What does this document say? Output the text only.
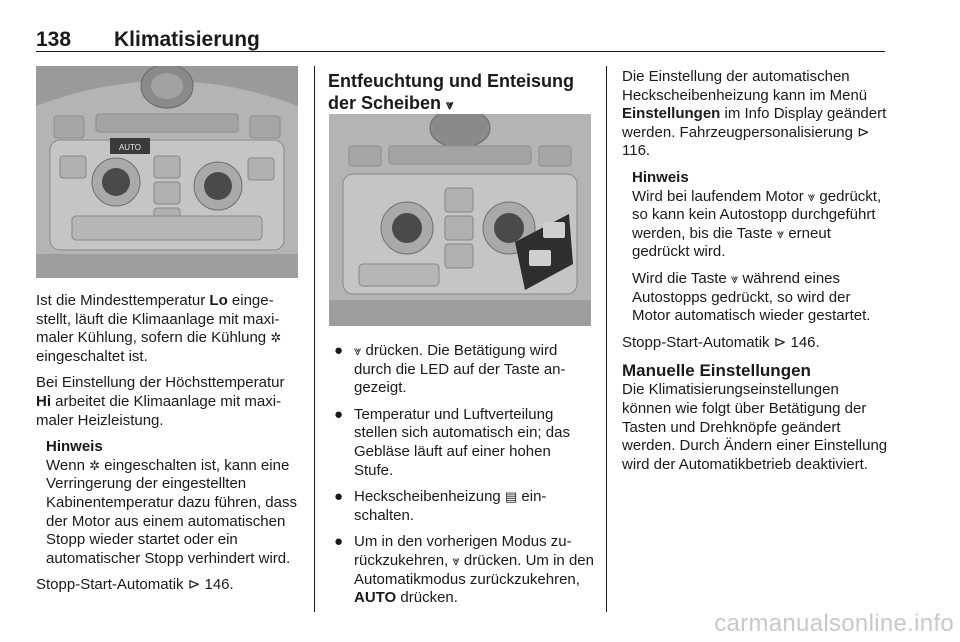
138 Klimatisierung
AUTO

Ist die Mindesttemperatur Lo eingestellt, läuft die Klimaanlage mit maximaler Kühlung, sofern die Kühlung ✲ eingeschaltet ist.

Bei Einstellung der Höchsttemperatur Hi arbeitet die Klimaanlage mit maximaler Heizleistung.

Hinweis

Wenn ✲ eingeschalten ist, kann eine Verringerung der eingestellten Kabinentemperatur dazu führen, dass der Motor aus einem automatischen Stopp wieder startet oder ein automatischer Stopp verhindert wird.

Stopp-Start-Automatik ⊳ 146.

Entfeuchtung und Enteisung der Scheiben ⩔
● ⩔ drücken. Die Betätigung wird durch die LED auf der Taste angezeigt.
● Temperatur und Luftverteilung stellen sich automatisch ein; das Gebläse läuft auf einer hohen Stufe.
● Heckscheibenheizung ▤ einschalten.
● Um in den vorherigen Modus zurückzukehren, ⩔ drücken. Um in den Automatikmodus zurückzukehren, AUTO drücken.

Die Einstellung der automatischen Heckscheibenheizung kann im Menü Einstellungen im Info Display geändert werden. Fahrzeugpersonalisierung ⊳ 116.

Hinweis

Wird bei laufendem Motor ⩔ gedrückt, so kann kein Autostopp durchgeführt werden, bis die Taste ⩔ erneut gedrückt wird.

Wird die Taste ⩔ während eines Autostopps gedrückt, so wird der Motor automatisch wieder gestartet.

Stopp-Start-Automatik ⊳ 146.

Manuelle Einstellungen

Die Klimatisierungseinstellungen können wie folgt über Betätigung der Tasten und Drehknöpfe geändert werden. Durch Ändern einer Einstellung wird der Automatikbetrieb deaktiviert.

carmanualsonline.info
